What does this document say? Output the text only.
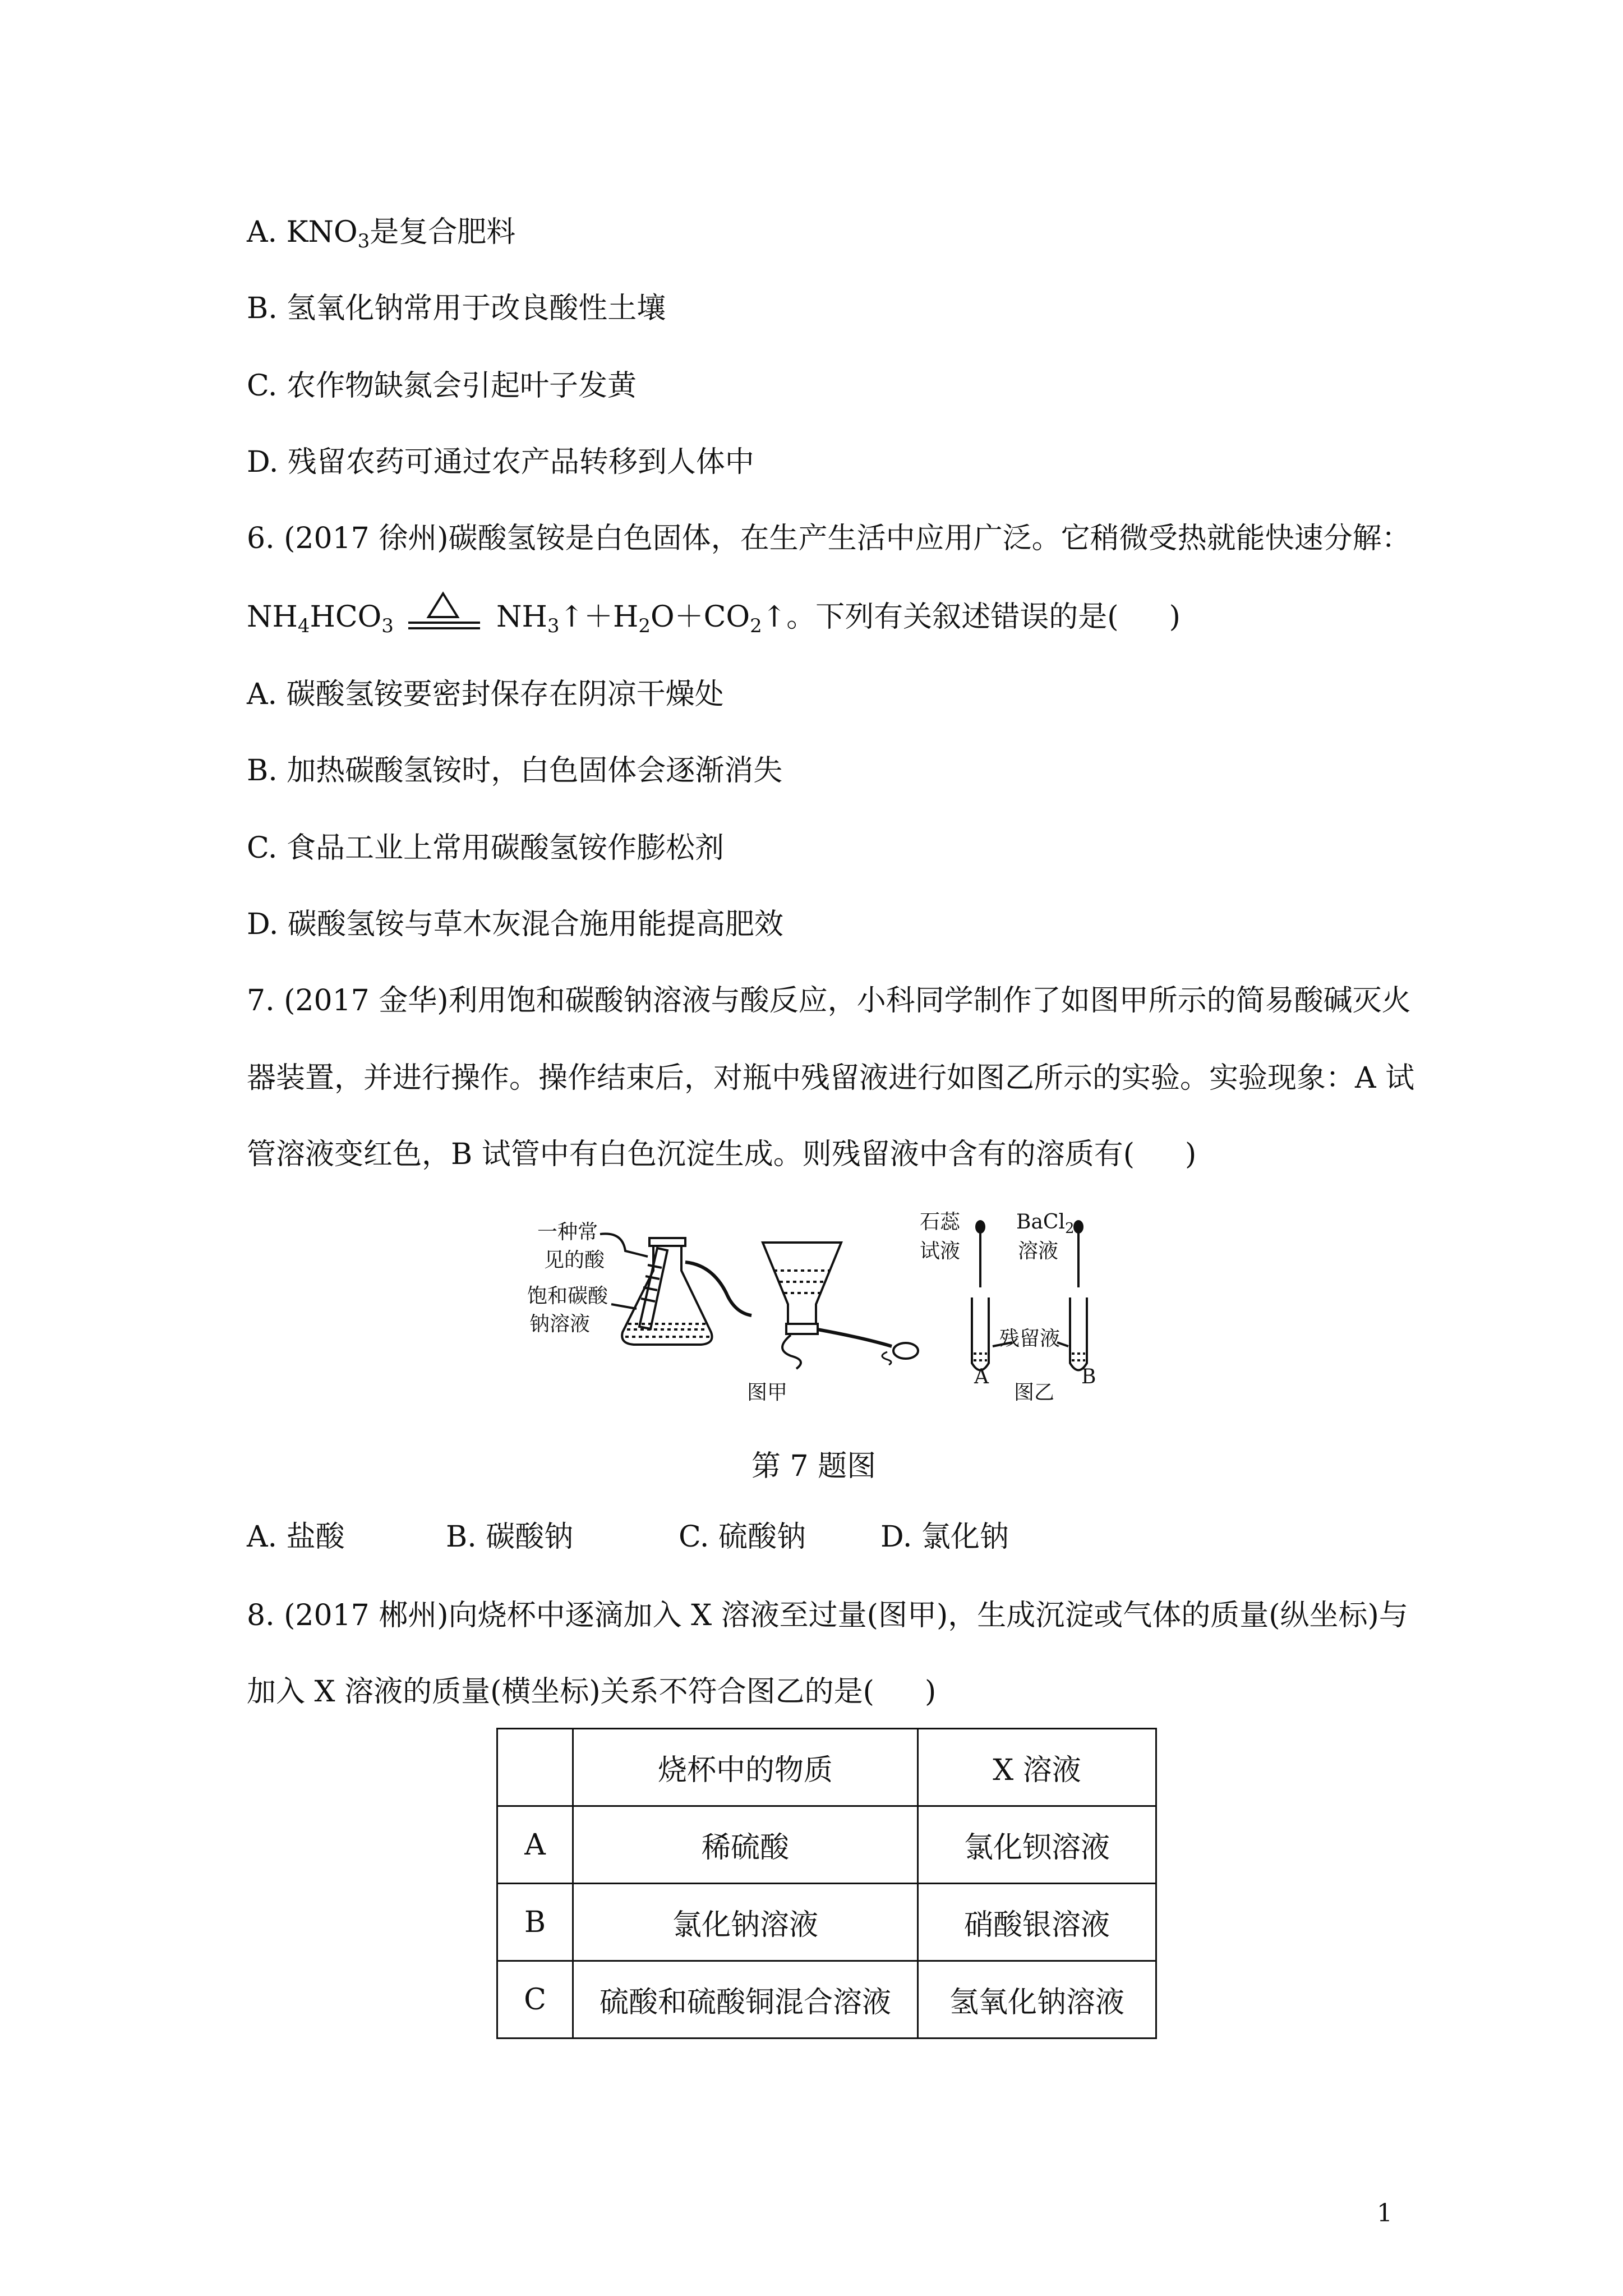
A. $KNO_3$是复合肥料
B. 氢氧化钠常用于改良酸性土壤
C. 农作物缺氮会引起叶子发黄
D. 残留农药可通过农产品转移到人体中
6. (2017 徐州)碳酸氢铵是白色固体，在生产生活中应用广泛。它稍微受热就能快速分解：
$NH_4HCO_3$	$NH_3↑+H_2O+CO_2↑$。下列有关叙述错误的是( )
A. 碳酸氢铵要密封保存在阴凉干燥处
B. 加热碳酸氢铵时，白色固体会逐渐消失
C. 食品工业上常用碳酸氢铵作膨松剂
D. 碳酸氢铵与草木灰混合施用能提高肥效
7. (2017 金华)利用饱和碳酸钠溶液与酸反应，小科同学制作了如图甲所示的简易酸碱灭火
器装置，并进行操作。操作结束后，对瓶中残留液进行如图乙所示的实验。实验现象：A 试
管溶液变红色，B 试管中有白色沉淀生成。则残留液中含有的溶质有( )
一种常
见的酸
饱和碳酸
钠溶液
石蕊
试液
BaCl$_2$
溶液
残留液
A	B
图甲	图乙
第 7 题图
A. 盐酸	B. 碳酸钠	C. 硫酸钠	D. 氯化钠
8. (2017 郴州)向烧杯中逐滴加入 X 溶液至过量(图甲)，生成沉淀或气体的质量(纵坐标)与
加入 X 溶液的质量(横坐标)关系不符合图乙的是( )
	烧杯中的物质	X 溶液
A	稀硫酸	氯化钡溶液
B	氯化钠溶液	硝酸银溶液
C	硫酸和硫酸铜混合溶液	氢氧化钠溶液
1
